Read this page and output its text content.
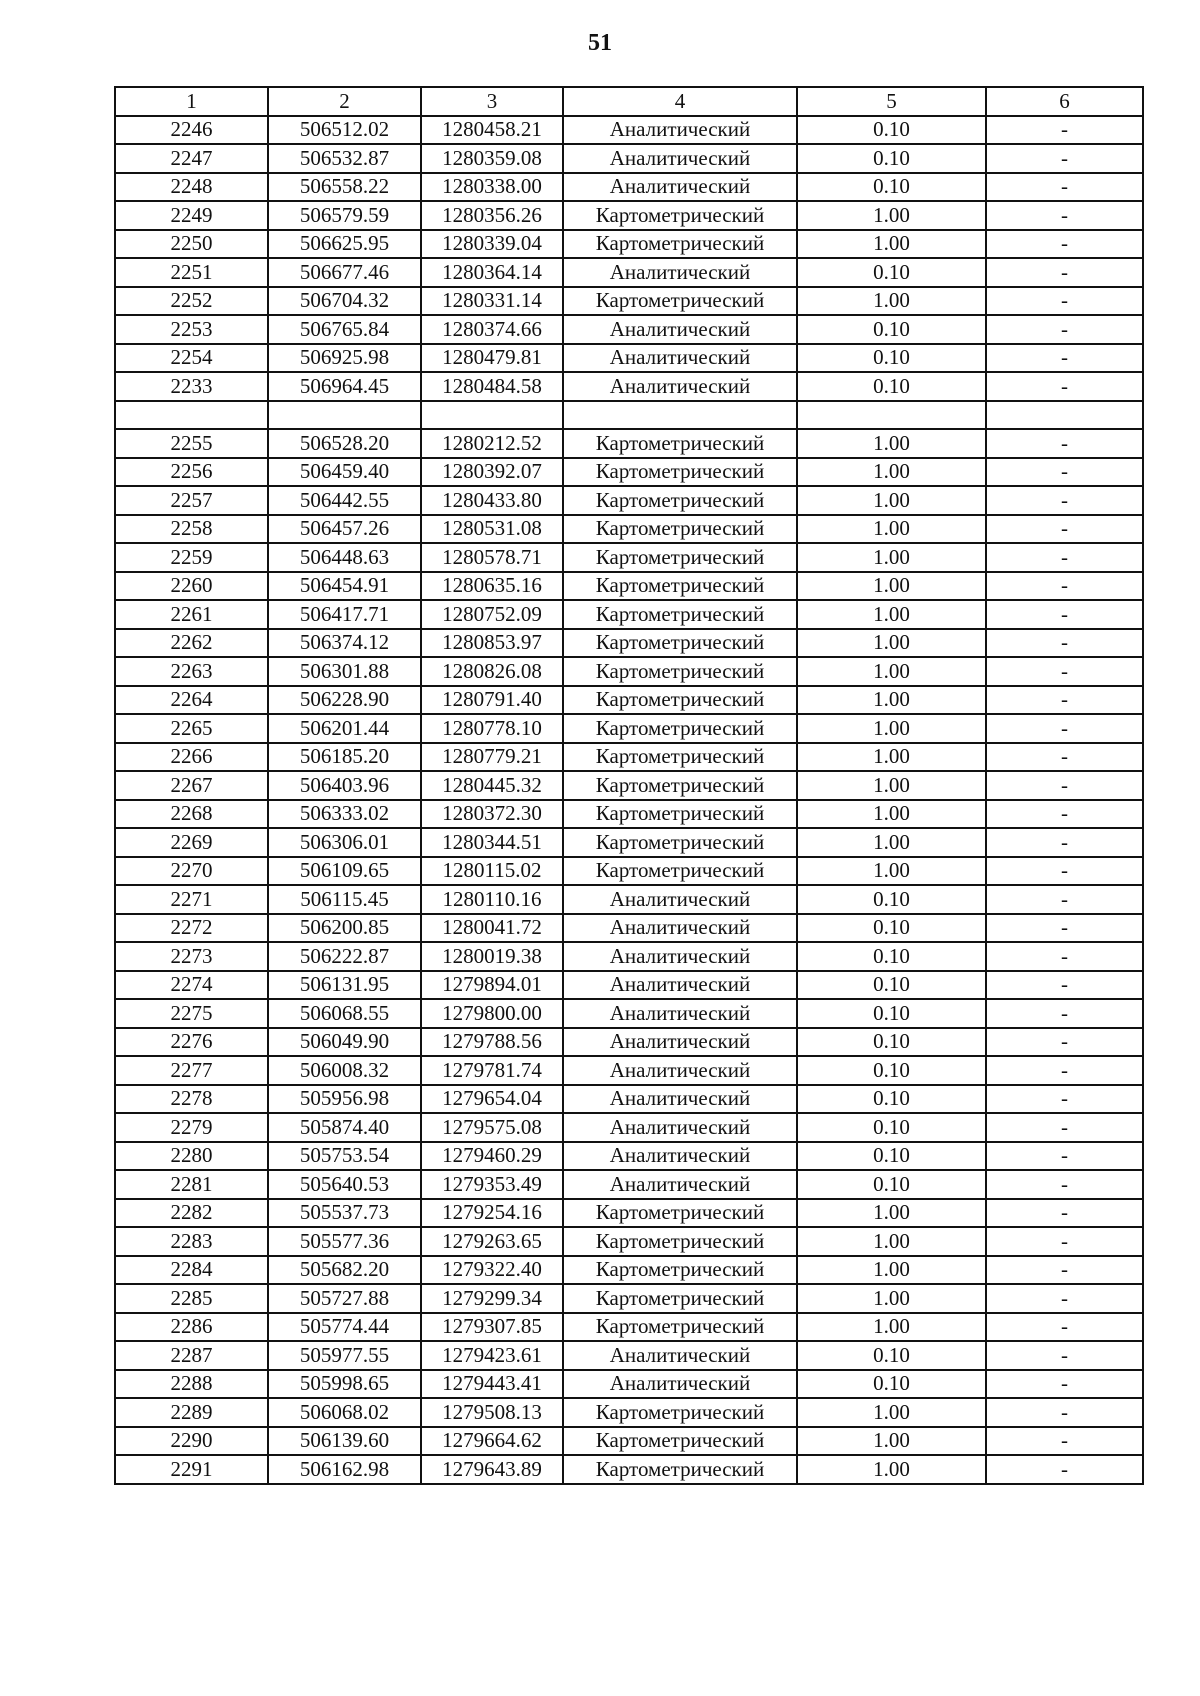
51
1	2	3	4	5	6
2246	506512.02	1280458.21	Аналитический	0.10	-
2247	506532.87	1280359.08	Аналитический	0.10	-
2248	506558.22	1280338.00	Аналитический	0.10	-
2249	506579.59	1280356.26	Картометрический	1.00	-
2250	506625.95	1280339.04	Картометрический	1.00	-
2251	506677.46	1280364.14	Аналитический	0.10	-
2252	506704.32	1280331.14	Картометрический	1.00	-
2253	506765.84	1280374.66	Аналитический	0.10	-
2254	506925.98	1280479.81	Аналитический	0.10	-
2233	506964.45	1280484.58	Аналитический	0.10	-

2255	506528.20	1280212.52	Картометрический	1.00	-
2256	506459.40	1280392.07	Картометрический	1.00	-
2257	506442.55	1280433.80	Картометрический	1.00	-
2258	506457.26	1280531.08	Картометрический	1.00	-
2259	506448.63	1280578.71	Картометрический	1.00	-
2260	506454.91	1280635.16	Картометрический	1.00	-
2261	506417.71	1280752.09	Картометрический	1.00	-
2262	506374.12	1280853.97	Картометрический	1.00	-
2263	506301.88	1280826.08	Картометрический	1.00	-
2264	506228.90	1280791.40	Картометрический	1.00	-
2265	506201.44	1280778.10	Картометрический	1.00	-
2266	506185.20	1280779.21	Картометрический	1.00	-
2267	506403.96	1280445.32	Картометрический	1.00	-
2268	506333.02	1280372.30	Картометрический	1.00	-
2269	506306.01	1280344.51	Картометрический	1.00	-
2270	506109.65	1280115.02	Картометрический	1.00	-
2271	506115.45	1280110.16	Аналитический	0.10	-
2272	506200.85	1280041.72	Аналитический	0.10	-
2273	506222.87	1280019.38	Аналитический	0.10	-
2274	506131.95	1279894.01	Аналитический	0.10	-
2275	506068.55	1279800.00	Аналитический	0.10	-
2276	506049.90	1279788.56	Аналитический	0.10	-
2277	506008.32	1279781.74	Аналитический	0.10	-
2278	505956.98	1279654.04	Аналитический	0.10	-
2279	505874.40	1279575.08	Аналитический	0.10	-
2280	505753.54	1279460.29	Аналитический	0.10	-
2281	505640.53	1279353.49	Аналитический	0.10	-
2282	505537.73	1279254.16	Картометрический	1.00	-
2283	505577.36	1279263.65	Картометрический	1.00	-
2284	505682.20	1279322.40	Картометрический	1.00	-
2285	505727.88	1279299.34	Картометрический	1.00	-
2286	505774.44	1279307.85	Картометрический	1.00	-
2287	505977.55	1279423.61	Аналитический	0.10	-
2288	505998.65	1279443.41	Аналитический	0.10	-
2289	506068.02	1279508.13	Картометрический	1.00	-
2290	506139.60	1279664.62	Картометрический	1.00	-
2291	506162.98	1279643.89	Картометрический	1.00	-
